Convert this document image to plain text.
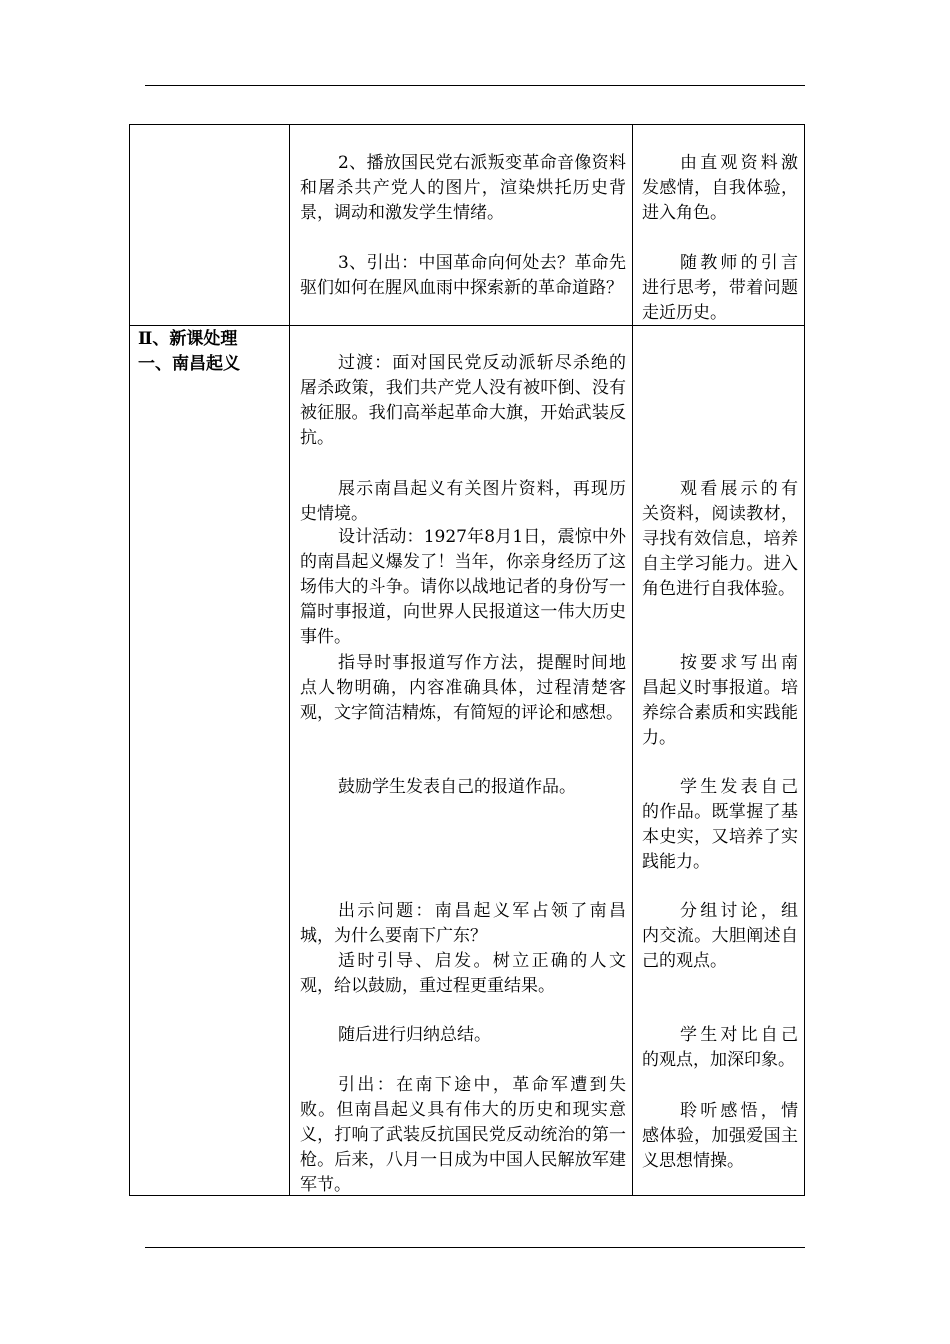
2、播放国民党右派叛变革命音像资料和屠杀共产党人的图片，渲染烘托历史背景，调动和激发学生情绪。

3、引出：中国革命向何处去？革命先驱们如何在腥风血雨中探索新的革命道路？

由直观资料激发感情，自我体验，进入角色。

随教师的引言进行思考，带着问题走近历史。

Ⅱ、新课处理

一、南昌起义	过渡：面对国民党反动派斩尽杀绝的屠杀政策，我们共产党人没有被吓倒、没有被征服。我们高举起革命大旗，开始武装反抗。

展示南昌起义有关图片资料，再现历史情境。

设计活动：1927年8月1日，震惊中外的南昌起义爆发了！当年，你亲身经历了这场伟大的斗争。请你以战地记者的身份写一篇时事报道，向世界人民报道这一伟大历史事件。

指导时事报道写作方法，提醒时间地点人物明确，内容准确具体，过程清楚客观，文字简洁精炼，有简短的评论和感想。

鼓励学生发表自己的报道作品。

出示问题：南昌起义军占领了南昌城，为什么要南下广东？

适时引导、启发。树立正确的人文观，给以鼓励，重过程更重结果。

随后进行归纳总结。

引出：在南下途中，革命军遭到失败。但南昌起义具有伟大的历史和现实意义，打响了武装反抗国民党反动统治的第一枪。后来，八月一日成为中国人民解放军建军节。

观看展示的有关资料，阅读教材，寻找有效信息，培养自主学习能力。进入角色进行自我体验。

按要求写出南昌起义时事报道。培养综合素质和实践能力。

学生发表自己的作品。既掌握了基本史实，又培养了实践能力。

分组讨论，组内交流。大胆阐述自己的观点。

学生对比自己的观点，加深印象。

聆听感悟，情感体验，加强爱国主义思想情操。
